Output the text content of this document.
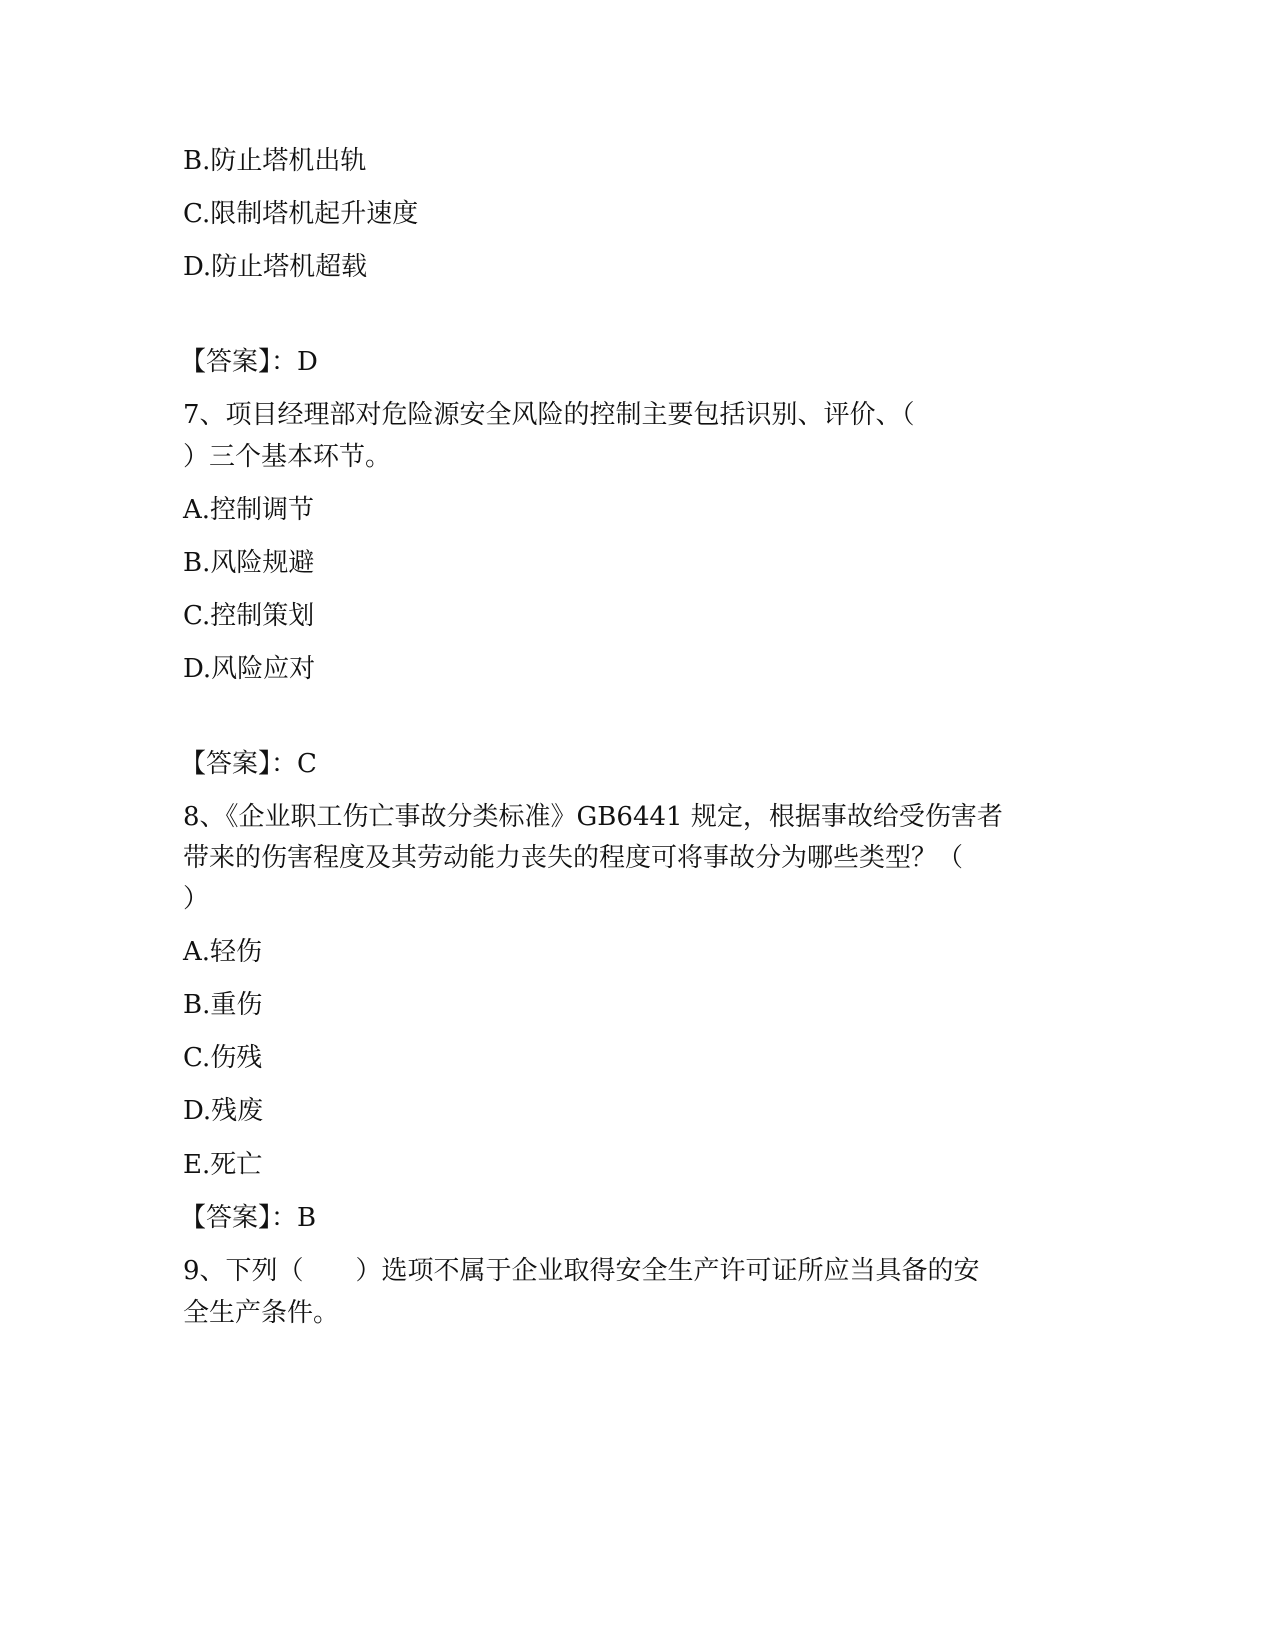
B.防止塔机出轨
C.限制塔机起升速度
D.防止塔机超载
【答案】：D
7、项目经理部对危险源安全风险的控制主要包括识别、评价、（
）三个基本环节。
A.控制调节
B.风险规避
C.控制策划
D.风险应对
【答案】：C
8、《企业职工伤亡事故分类标准》GB6441 规定，根据事故给受伤害者
带来的伤害程度及其劳动能力丧失的程度可将事故分为哪些类型？（
）
A.轻伤
B.重伤
C.伤残
D.残废
E.死亡
【答案】：B
9、下列（　　）选项不属于企业取得安全生产许可证所应当具备的安
全生产条件。
